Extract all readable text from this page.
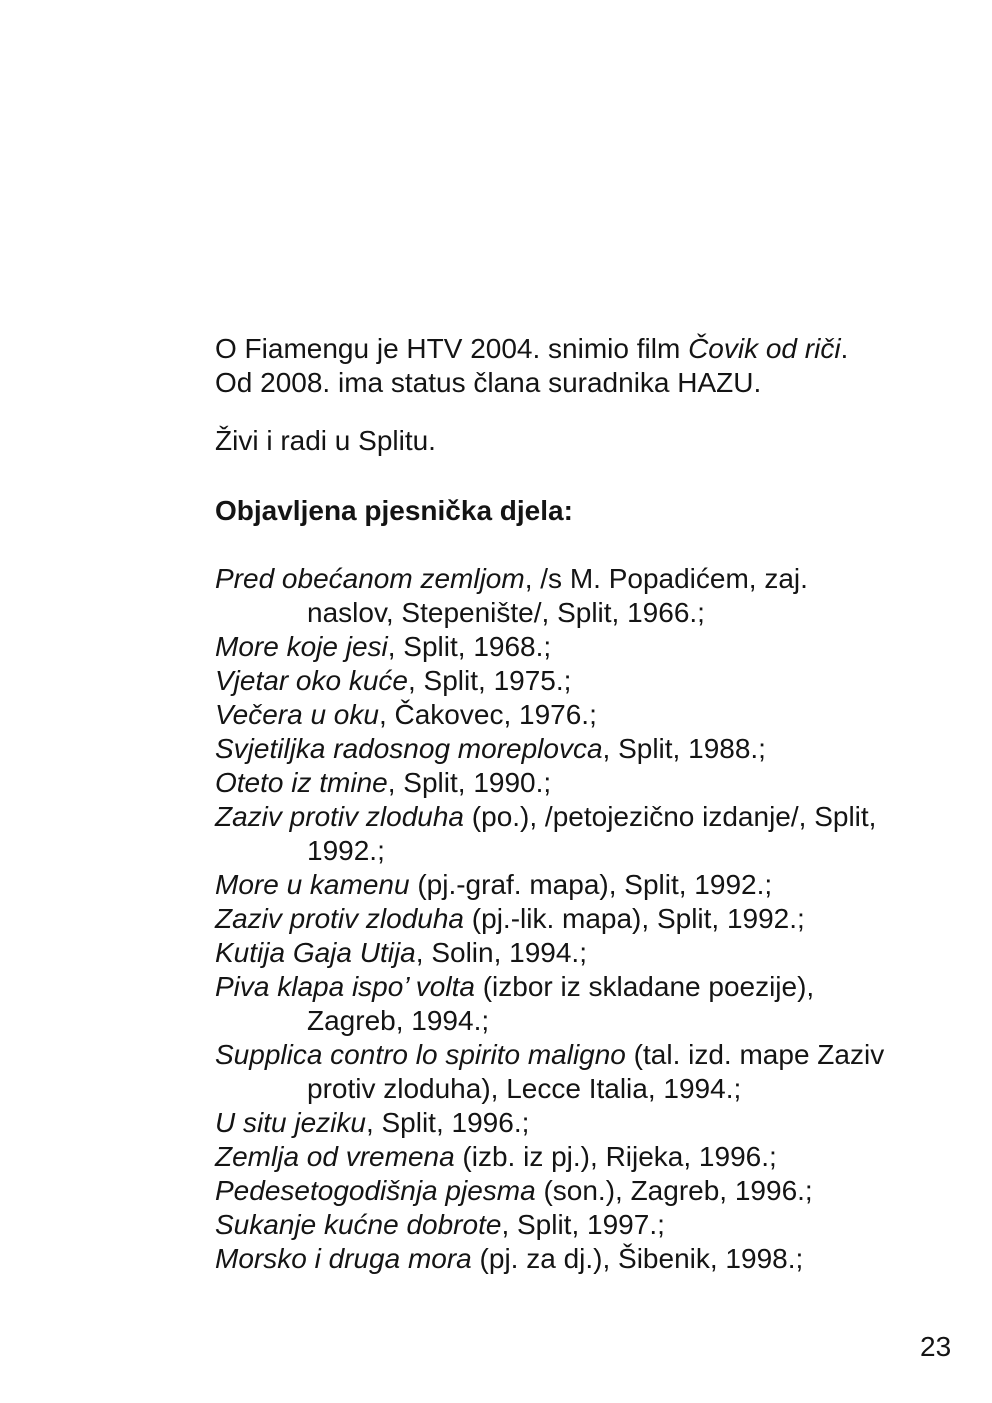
O Fiamengu je HTV 2004. snimio film Čovik od riči.
Od 2008. ima status člana suradnika HAZU.
Živi i radi u Splitu.
Objavljena pjesnička djela:
Pred obećanom zemljom, /s M. Popadićem, zaj. naslov, Stepenište/, Split, 1966.;
More koje jesi, Split, 1968.;
Vjetar oko kuće, Split, 1975.;
Večera u oku, Čakovec, 1976.;
Svjetiljka radosnog moreplovca, Split, 1988.;
Oteto iz tmine, Split, 1990.;
Zaziv protiv zloduha (po.), /petojezično izdanje/, Split, 1992.;
More u kamenu (pj.-graf. mapa), Split, 1992.;
Zaziv protiv zloduha (pj.-lik. mapa), Split, 1992.;
Kutija Gaja Utija, Solin, 1994.;
Piva klapa ispo’ volta (izbor iz skladane poezije), Zagreb, 1994.;
Supplica contro lo spirito maligno (tal. izd. mape Zaziv protiv zloduha), Lecce Italia, 1994.;
U situ jeziku, Split, 1996.;
Zemlja od vremena (izb. iz pj.), Rijeka, 1996.;
Pedesetogodišnja pjesma (son.), Zagreb, 1996.;
Sukanje kućne dobrote, Split, 1997.;
Morsko i druga mora (pj. za dj.), Šibenik, 1998.;
23
